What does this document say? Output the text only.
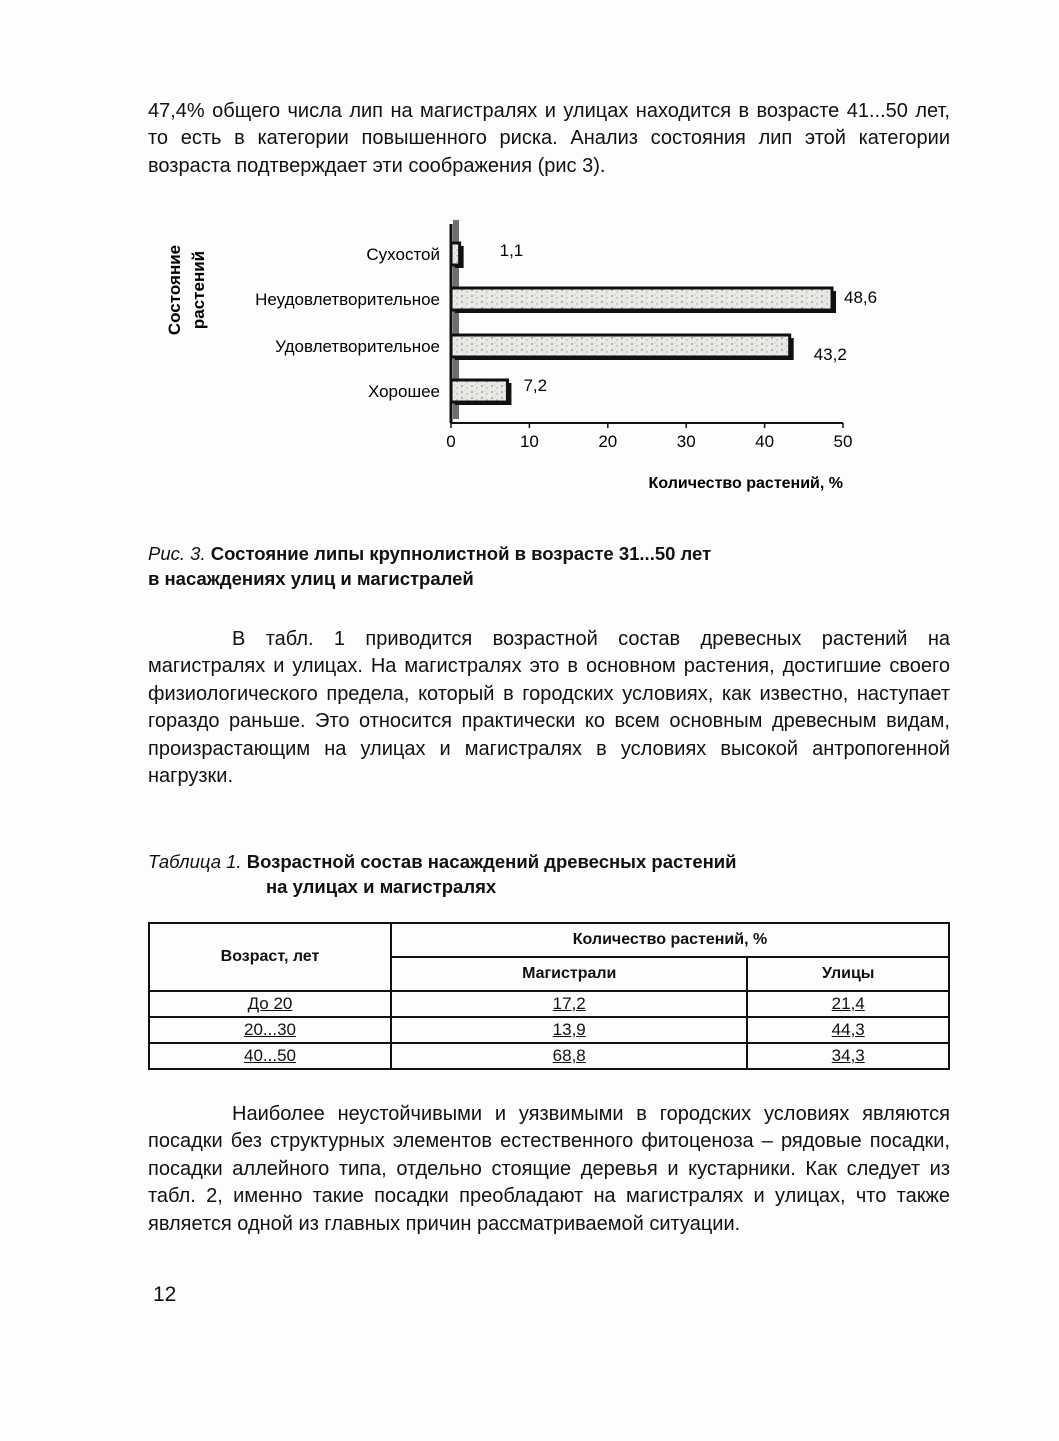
47,4% общего числа лип на магистралях и улицах находится в возрасте 41...50 лет, то есть в категории повышенного риска. Анализ состояния лип этой категории возраста подтверждает эти соображения (рис 3).

0	10	20	30	40	50
Сухостой	1,1
Неудовлетворительное	48,6
Удовлетворительное	43,2
Хорошее	7,2
Количество растений, %
Состояние растений

Рис. 3. Состояние липы крупнолистной в возрасте 31...50 лет
в насаждениях улиц и магистралей

В табл. 1 приводится возрастной состав древесных растений на магистралях и улицах. На магистралях это в основном растения, достигшие своего физиологического предела, который в городских условиях, как известно, наступает гораздо раньше. Это относится практически ко всем основным древесным видам, произрастающим на улицах и магистралях в условиях высокой антропогенной нагрузки.

Таблица 1. Возрастной состав насаждений древесных растений
на улицах и магистралях

Возраст, лет	Количество растений, %	
	Магистрали	Улицы
До 20	17,2	21,4
20...30	13,9	44,3
40...50	68,8	34,3

Наиболее неустойчивыми и уязвимыми в городских условиях являются посадки без структурных элементов естественного фитоценоза – рядовые посадки, посадки аллейного типа, отдельно стоящие деревья и кустарники. Как следует из табл. 2, именно такие посадки преобладают на магистралях и улицах, что также является одной из главных причин рассматриваемой ситуации.

12
